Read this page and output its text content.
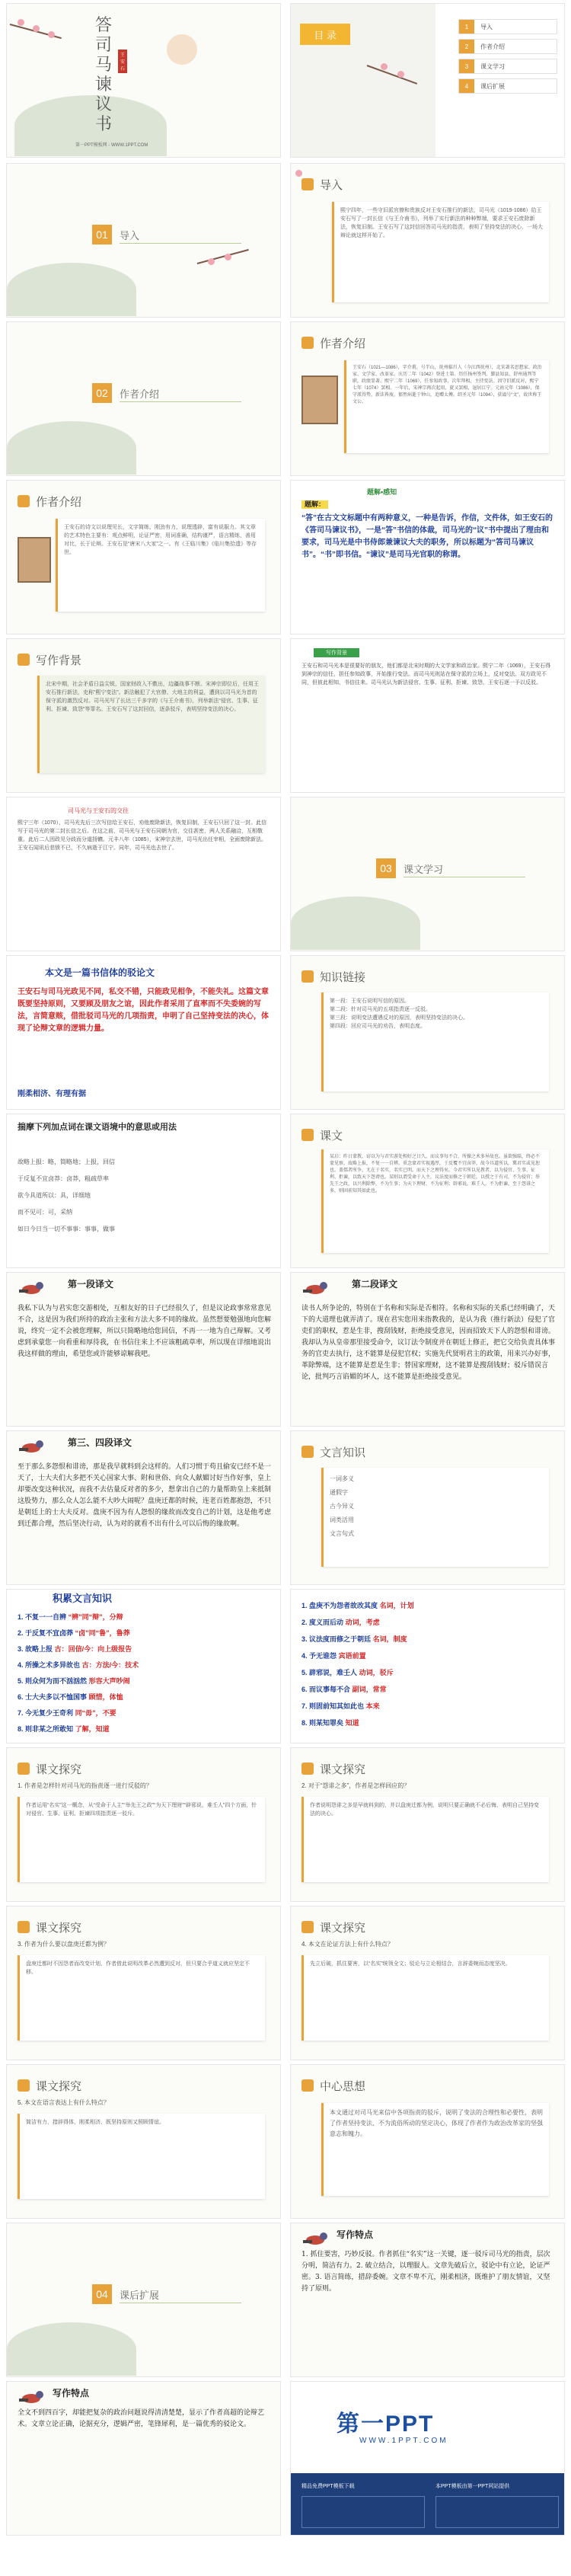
答
司
马
谏
议
书
王安石
第一PPT模板网 - WWW.1PPT.COM
目 录
1	导入
2	作者介绍
3	课文学习
4	课后扩展
01	导入
导入
熙宁四年，一些守旧派官僚和贵族反对王安石推行的新法，司马光（1019-1086）给王安石写了一封长信《与王介甫书》，列举了实行新法的种种弊端，要求王安石废除新法，恢复旧制。王安石写了这封信回答司马光的指责，表明了坚持变法的决心，一场大辩论就这样开始了。
02	作者介绍
作者介绍
王安石（1021—1086），字介甫，号半山，抚州临川人（今江西抚州），北宋著名思想家、政治家、文学家、改革家。庆历二年（1042）登进士第。历任扬州签判、鄞县知县、舒州通判等职，政绩显著。熙宁二年（1069），任参知政事，次年拜相，主持变法。因守旧派反对，熙宁七年（1074）罢相。一年后，宋神宗再次起用，旋又罢相，退居江宁。元祐元年（1086），保守派得势，新法皆废，郁然病逝于钟山，追赠太傅。绍圣元年（1094），获谥号“文”，故世称王文公。
作者介绍
王安石的诗文以说理见长，文字简练，刚劲有力，说理透辟，富有说服力。其文章的艺术特色主要有：观点鲜明，论证严密，用词准确，结构谨严，语言精练，善用对比，长于论辩。王安石是“唐宋八大家”之一。有《王临川集》《临川集拾遗》等存世。
题解•感知
题解：
“答”在古文文标题中有两种意义，一种是告诉，作信，文件体，如王安石的《答司马谏议书》，一是“答”书信的体裁，司马光的“议”书中提出了理由和要求，司马光是中书侍郎兼谏议大夫的职务，所以标题为“答司马谏议书”。“书”即书信。“谏议”是司马光官职的称谓。
写作背景
北宋中期，社会矛盾日益尖锐，国家财政入不敷出，边疆战事不断。宋神宗即位后，任用王安石推行新法，史称“熙宁变法”。新法触犯了大官僚、大地主的利益，遭到以司马光为首的保守派的激烈反对。司马光写了长达三千多字的《与王介甫书》，列举新法“侵官、生事、征利、拒谏、致怨”等罪名。王安石写了这封回信，逐条驳斥，表明坚持变法的决心。
写作背景
王安石和司马光本是很要好的朋友，他们都是北宋时期的大文学家和政治家。熙宁二年（1069），王安石得到神宗的信任，担任参知政事，开始推行变法。而司马光则站在保守派的立场上，反对变法。双方政见不同，但彼此相知，书信往来。司马光认为新法侵官、生事、征利、拒谏、致怨，王安石逐一予以反驳。
司马光与王安石的交往
熙宁三年（1070），司马光先后三次写信给王安石，劝他废除新法，恢复旧制，王安石只回了这一封。此信写于司马光的第二封长信之后。在这之前，司马光与王安石同朝为官，交往甚密，两人关系融洽，互相敬重。此后二人因政见分歧而分道扬镳。元丰八年（1085），宋神宗去世，司马光出任宰相，全面废除新法。王安石闻讯后悲愤不已，不久病逝于江宁。同年，司马光也去世了。
03	课文学习
本文是一篇书信体的驳论文
王安石与司马光政见不同，私交不错，只能政见相争，不能失礼。这篇文章既要坚持原则，又要顾及朋友之谊，因此作者采用了直率而不失委婉的写法，言简意赅，借批驳司马光的几项指责，申明了自己坚持变法的决心，体现了论辩文章的逻辑力量。
刚柔相济、有理有据
知识链接
第一段：王安石说明写信的原因。
第二段：针对司马光的五项指责逐一反驳。
第三段：说明变法遭遇反对的原因，表明坚持变法的决心。
第四段：回应司马光的劝告，表明态度。
揣摩下列加点词在课文语境中的意思或用法
故略上报：略，简略地；上报，回信
于反复不宜卤莽：卤莽，粗疏草率
欲今具道所以：具，详细地
而不见可：可，采纳
如日今日当一切不事事：事事，做事
课文
某启：昨日蒙教，窃以为与君实游处相好之日久，而议事每不合，所操之术多异故也。虽欲强聒，终必不蒙见察，故略上报，不复一一自辨。重念蒙君实视遇厚，于反覆不宜卤莽，故今具道所以，冀君实或见恕也。盖儒者所争，尤在于名实，名实已明，而天下之理得矣。今君实所以见教者，以为侵官、生事、征利、拒谏，以致天下怨谤也。某则以谓受命于人主，议法度而修之于朝廷，以授之于有司，不为侵官；举先王之政，以兴利除弊，不为生事；为天下理财，不为征利；辟邪说，难壬人，不为拒谏。至于怨诽之多，则固前知其如此也。
第一段译文
我私下认为与君实您交游相处，互相友好的日子已经很久了，但是议论政事常常意见不合，这是因为我们所持的政治主张和方法大多不同的缘故。虽然想要勉强地向您解说，终究一定不会被您理解，所以只简略地给您回信，不再一一地为自己辩解。又考虑到承蒙您一向看重和厚待我，在书信往来上不应该粗疏草率，所以现在详细地说出我这样做的理由，希望您或许能够谅解我吧。
第二段译文
读书人所争论的，特别在于名称和实际是否相符。名称和实际的关系已经明确了，天下的大道理也就弄清了。现在君实您用来指教我的，是认为我（推行新法）侵犯了官吏们的职权，惹是生非，搜刮钱财，拒绝接受意见，因而招致天下人的怨恨和诽谤。我却认为从皇帝那里接受命令，议订法令制度并在朝廷上修正，把它交给负责具体事务的官吏去执行，这不能算是侵犯官权；实施先代贤明君主的政策，用来兴办好事，革除弊端，这不能算是惹是生非；替国家理财，这不能算是搜刮钱财；驳斥错误言论，批判巧言谄媚的坏人，这不能算是拒绝接受意见。
第三、四段译文
至于那么多怨恨和诽谤，那是我早就料到会这样的。人们习惯于苟且偷安已经不是一天了，士大夫们大多把不关心国家大事、附和世俗、向众人献媚讨好当作好事，皇上却要改变这种状况，而我不去估量反对者的多少，想拿出自己的力量帮助皇上来抵制这股势力，那么众人怎么能不大吵大闹呢？盘庚迁都的时候，连老百姓都抱怨，不只是朝廷上的士大夫反对。盘庚不因为有人怨恨的缘故而改变自己的计划，这是他考虑到迁都合理，然后坚决行动，认为对的就看不出有什么可以后悔的缘故啊。
文言知识
一词多义
通假字
古今异义
词类活用
文言句式
积累文言知识
1. 不复一一自辨 “辨”同“辩”，分辩
2. 于反复不宜卤莽 “卤”同“鲁”，鲁莽
3. 故略上报 古：回信/今：向上级报告
4. 所操之术多异故也 古：方法/今：技术
5. 则众何为而不汹汹然 形容大声吵闹
6. 士大夫多以不恤国事 顾惜，体恤
7. 今无复少王奇利 同“毋”，不要
8. 则非某之所敢知 了解，知道
1. 盘庚不为怨者故改其度 名词，计划
2. 度义而后动 动词，考虑
3. 议法度而修之于朝廷 名词，制度
4. 予无谁怨 宾语前置
5. 辟邪说，难壬人 动词，驳斥
6. 而议事每不合 副词，常常
7. 则固前知其如此也 本来
8. 则某知罪矣 知道
课文探究
1. 作者是怎样针对司马光的指责逐一进行反驳的？
作者运用“名实”这一概念，从“受命于人主”“举先王之政”“为天下理财”“辟邪说，难壬人”四个方面，针对侵官、生事、征利、拒谏四项指责逐一驳斥。
课文探究
2. 对于“怨诽之多”，作者是怎样回应的？
作者说明怨诽之多是早就料到的，并以盘庚迁都为例，说明只要正确就不必后悔，表明自己坚持变法的决心。
课文探究
3. 作者为什么要以盘庚迁都为例？
盘庚迁都时不因怨者而改变计划，作者借此说明改革必然遭到反对，但只要合乎道义就应坚定不移。
课文探究
4. 本文在论证方法上有什么特点？
先立后破，抓住要害，以“名实”统领全文；驳论与立论相结合，言辞委婉而态度坚决。
课文探究
5. 本文在语言表达上有什么特点？
简洁有力，措辞得体，刚柔相济，既坚持原则又照顾情谊。
中心思想
本文通过对司马光来信中各项指责的驳斥，说明了变法的合理性和必要性，表明了作者坚持变法、不为流俗所动的坚定决心，体现了作者作为政治改革家的坚强意志和魄力。
04	课后扩展
写作特点
1. 抓住要害，巧妙反驳。作者抓住“名实”这一关键，逐一驳斥司马光的指责，层次分明，简洁有力。2. 破立结合，以理服人。文章先破后立，驳论中有立论，论证严密。3. 语言简练，措辞委婉。文章不卑不亢，刚柔相济，既维护了朋友情谊，又坚持了原则。
写作特点
全文不到四百字，却能把复杂的政治问题说得清清楚楚，显示了作者高超的论辩艺术。文章立论正确，论据充分，逻辑严密，笔锋犀利，是一篇优秀的驳论文。	第一PPT
WWW.1PPT.COM
精品免费PPT模板下载	本PPT模板由第一PPT网站提供
